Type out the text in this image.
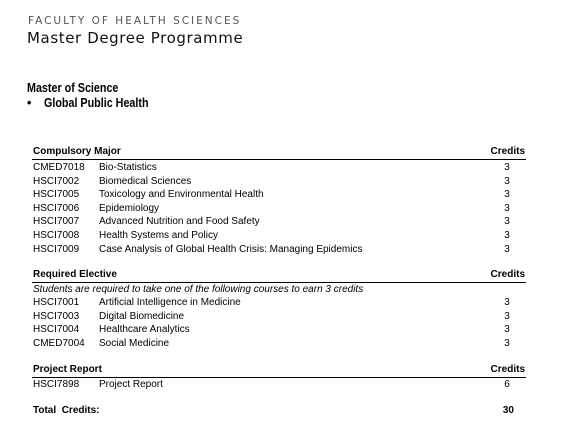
FACULTY OF HEALTH SCIENCES
Master Degree Programme
Master of Science
• Global Public Health
Compulsory Major	Credits
CMED7018 Bio-Statistics	3
HSCI7002 Biomedical Sciences	3
HSCI7005 Toxicology and Environmental Health	3
HSCI7006 Epidemiology	3
HSCI7007 Advanced Nutrition and Food Safety	3
HSCI7008 Health Systems and Policy	3
HSCI7009 Case Analysis of Global Health Crisis: Managing Epidemics	3
Required Elective	Credits
Students are required to take one of the following courses to earn 3 credits
HSCI7001 Artificial Intelligence in Medicine	3
HSCI7003 Digital Biomedicine	3
HSCI7004 Healthcare Analytics	3
CMED7004 Social Medicine	3
Project Report	Credits
HSCI7898 Project Report	6
Total  Credits:	30
